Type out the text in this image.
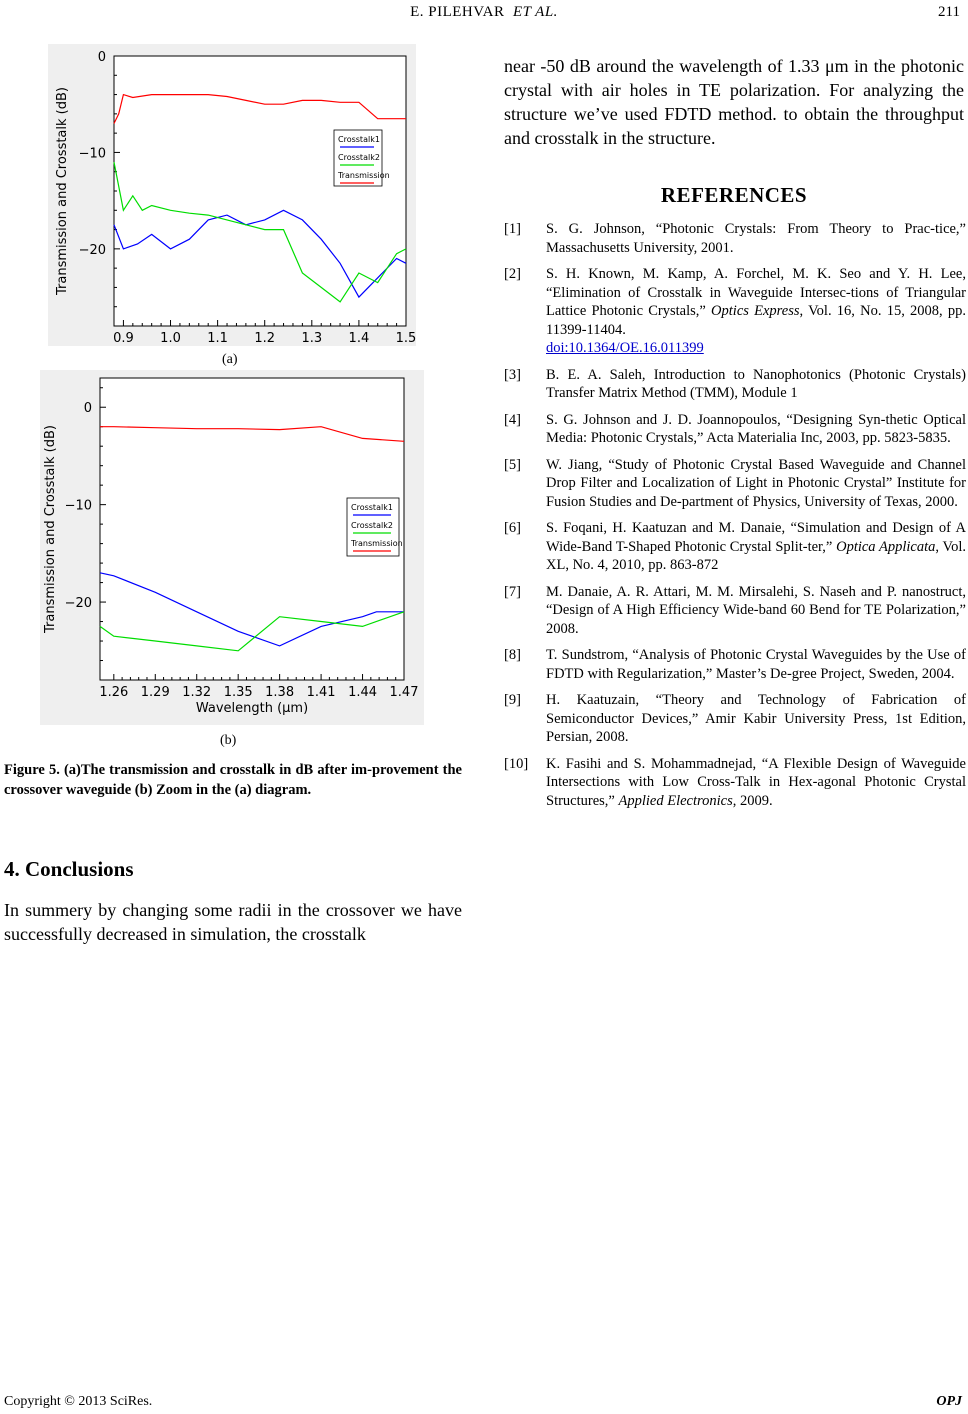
E. PILEHVAR ET AL.	211
0
−10
−20
0.9 1.0 1.1 1.2 1.3 1.4 1.5
Transmission and Crosstalk (dB)	Crosstalk1
Crosstalk2
Transmission
(a)
0
−10
−20
1.26 1.29 1.32 1.35 1.38 1.41 1.44 1.47
Wavelength (μm)
Transmission and Crosstalk (dB)	Crosstalk1
Crosstalk2
Transmission
(b)
Figure 5. (a)The transmission and crosstalk in dB after im-provement the crossover waveguide (b) Zoom in the (a) diagram.
4. Conclusions
In summery by changing some radii in the crossover we have successfully decreased in simulation, the crosstalk
near -50 dB around the wavelength of 1.33 μm in the photonic crystal with air holes in TE polarization. For analyzing the structure we’ve used FDTD method. to obtain the throughput and crosstalk in the structure.
REFERENCES
[1]	S. G. Johnson, “Photonic Crystals: From Theory to Prac-tice,” Massachusetts University, 2001.
[2]	S. H. Known, M. Kamp, A. Forchel, M. K. Seo and Y. H. Lee, “Elimination of Crosstalk in Waveguide Intersec-tions of Triangular Lattice Photonic Crystals,” Optics Express, Vol. 16, No. 15, 2008, pp. 11399-11404.
doi:10.1364/OE.16.011399
[3]	B. E. A. Saleh, Introduction to Nanophotonics (Photonic Crystals) Transfer Matrix Method (TMM), Module 1
[4]	S. G. Johnson and J. D. Joannopoulos, “Designing Syn-thetic Optical Media: Photonic Crystals,” Acta Materialia Inc, 2003, pp. 5823-5835.
[5]	W. Jiang, “Study of Photonic Crystal Based Waveguide and Channel Drop Filter and Localization of Light in Photonic Crystal” Institute for Fusion Studies and De-partment of Physics, University of Texas, 2000.
[6]	S. Foqani, H. Kaatuzan and M. Danaie, “Simulation and Design of A Wide-Band T-Shaped Photonic Crystal Split-ter,” Optica Applicata, Vol. XL, No. 4, 2010, pp. 863-872
[7]	M. Danaie, A. R. Attari, M. M. Mirsalehi, S. Naseh and P. nanostruct, “Design of A High Efficiency Wide-band 60 Bend for TE Polarization,” 2008.
[8]	T. Sundstrom, “Analysis of Photonic Crystal Waveguides by the Use of FDTD with Regularization,” Master’s De-gree Project, Sweden, 2004.
[9]	H. Kaatuzain, “Theory and Technology of Fabrication of Semiconductor Devices,” Amir Kabir University Press, 1st Edition, Persian, 2008.
[10]	K. Fasihi and S. Mohammadnejad, “A Flexible Design of Waveguide Intersections with Low Cross-Talk in Hex-agonal Photonic Crystal Structures,” Applied Electronics, 2009.
Copyright © 2013 SciRes.	OPJ
